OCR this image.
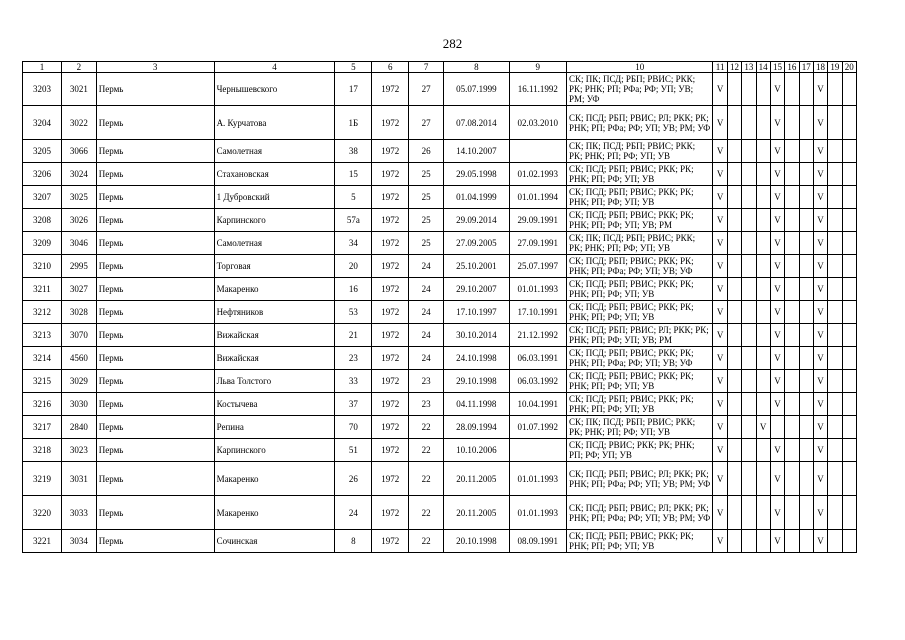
282
1	2	3	4	5	6	7	8	9	10	11	12	13	14	15	16	17	18	19	20
3203	3021	Пермь	Чернышевского	17	1972	27	05.07.1999	16.11.1992	СК; ПК; ПСД; РБП; РВИС; РКК; РК; РНК; РП; РФа; РФ; УП; УВ; РМ; УФ	V				V			V		
3204	3022	Пермь	А. Курчатова	1Б	1972	27	07.08.2014	02.03.2010	СК; ПСД; РБП; РВИС; РЛ; РКК; РК; РНК; РП; РФа; РФ; УП; УВ; РМ; УФ	V				V			V		
3205	3066	Пермь	Самолетная	38	1972	26	14.10.2007		СК; ПК; ПСД; РБП; РВИС; РКК; РК; РНК; РП; РФ; УП; УВ	V				V			V		
3206	3024	Пермь	Стахановская	15	1972	25	29.05.1998	01.02.1993	СК; ПСД; РБП; РВИС; РКК; РК; РНК; РП; РФ; УП; УВ	V				V			V		
3207	3025	Пермь	1 Дубровский	5	1972	25	01.04.1999	01.01.1994	СК; ПСД; РБП; РВИС; РКК; РК; РНК; РП; РФ; УП; УВ	V				V			V		
3208	3026	Пермь	Карпинского	57а	1972	25	29.09.2014	29.09.1991	СК; ПСД; РБП; РВИС; РКК; РК; РНК; РП; РФ; УП; УВ; РМ	V				V			V		
3209	3046	Пермь	Самолетная	34	1972	25	27.09.2005	27.09.1991	СК; ПК; ПСД; РБП; РВИС; РКК; РК; РНК; РП; РФ; УП; УВ	V				V			V		
3210	2995	Пермь	Торговая	20	1972	24	25.10.2001	25.07.1997	СК; ПСД; РБП; РВИС; РКК; РК; РНК; РП; РФа; РФ; УП; УВ; УФ	V				V			V		
3211	3027	Пермь	Макаренко	16	1972	24	29.10.2007	01.01.1993	СК; ПСД; РБП; РВИС; РКК; РК; РНК; РП; РФ; УП; УВ	V				V			V		
3212	3028	Пермь	Нефтяников	53	1972	24	17.10.1997	17.10.1991	СК; ПСД; РБП; РВИС; РКК; РК; РНК; РП; РФ; УП; УВ	V				V			V		
3213	3070	Пермь	Вижайская	21	1972	24	30.10.2014	21.12.1992	СК; ПСД; РБП; РВИС; РЛ; РКК; РК; РНК; РП; РФ; УП; УВ; РМ	V				V			V		
3214	4560	Пермь	Вижайская	23	1972	24	24.10.1998	06.03.1991	СК; ПСД; РБП; РВИС; РКК; РК; РНК; РП; РФа; РФ; УП; УВ; УФ	V				V			V		
3215	3029	Пермь	Льва Толстого	33	1972	23	29.10.1998	06.03.1992	СК; ПСД; РБП; РВИС; РКК; РК; РНК; РП; РФ; УП; УВ	V				V			V		
3216	3030	Пермь	Костычева	37	1972	23	04.11.1998	10.04.1991	СК; ПСД; РБП; РВИС; РКК; РК; РНК; РП; РФ; УП; УВ	V				V			V		
3217	2840	Пермь	Репина	70	1972	22	28.09.1994	01.07.1992	СК; ПК; ПСД; РБП; РВИС; РКК; РК; РНК; РП; РФ; УП; УВ	V			V				V		
3218	3023	Пермь	Карпинского	51	1972	22	10.10.2006		СК; ПСД; РВИС; РКК; РК; РНК; РП; РФ; УП; УВ	V				V			V		
3219	3031	Пермь	Макаренко	26	1972	22	20.11.2005	01.01.1993	СК; ПСД; РБП; РВИС; РЛ; РКК; РК; РНК; РП; РФа; РФ; УП; УВ; РМ; УФ	V				V			V		
3220	3033	Пермь	Макаренко	24	1972	22	20.11.2005	01.01.1993	СК; ПСД; РБП; РВИС; РЛ; РКК; РК; РНК; РП; РФа; РФ; УП; УВ; РМ; УФ	V				V			V		
3221	3034	Пермь	Сочинская	8	1972	22	20.10.1998	08.09.1991	СК; ПСД; РБП; РВИС; РКК; РК; РНК; РП; РФ; УП; УВ	V				V			V		
